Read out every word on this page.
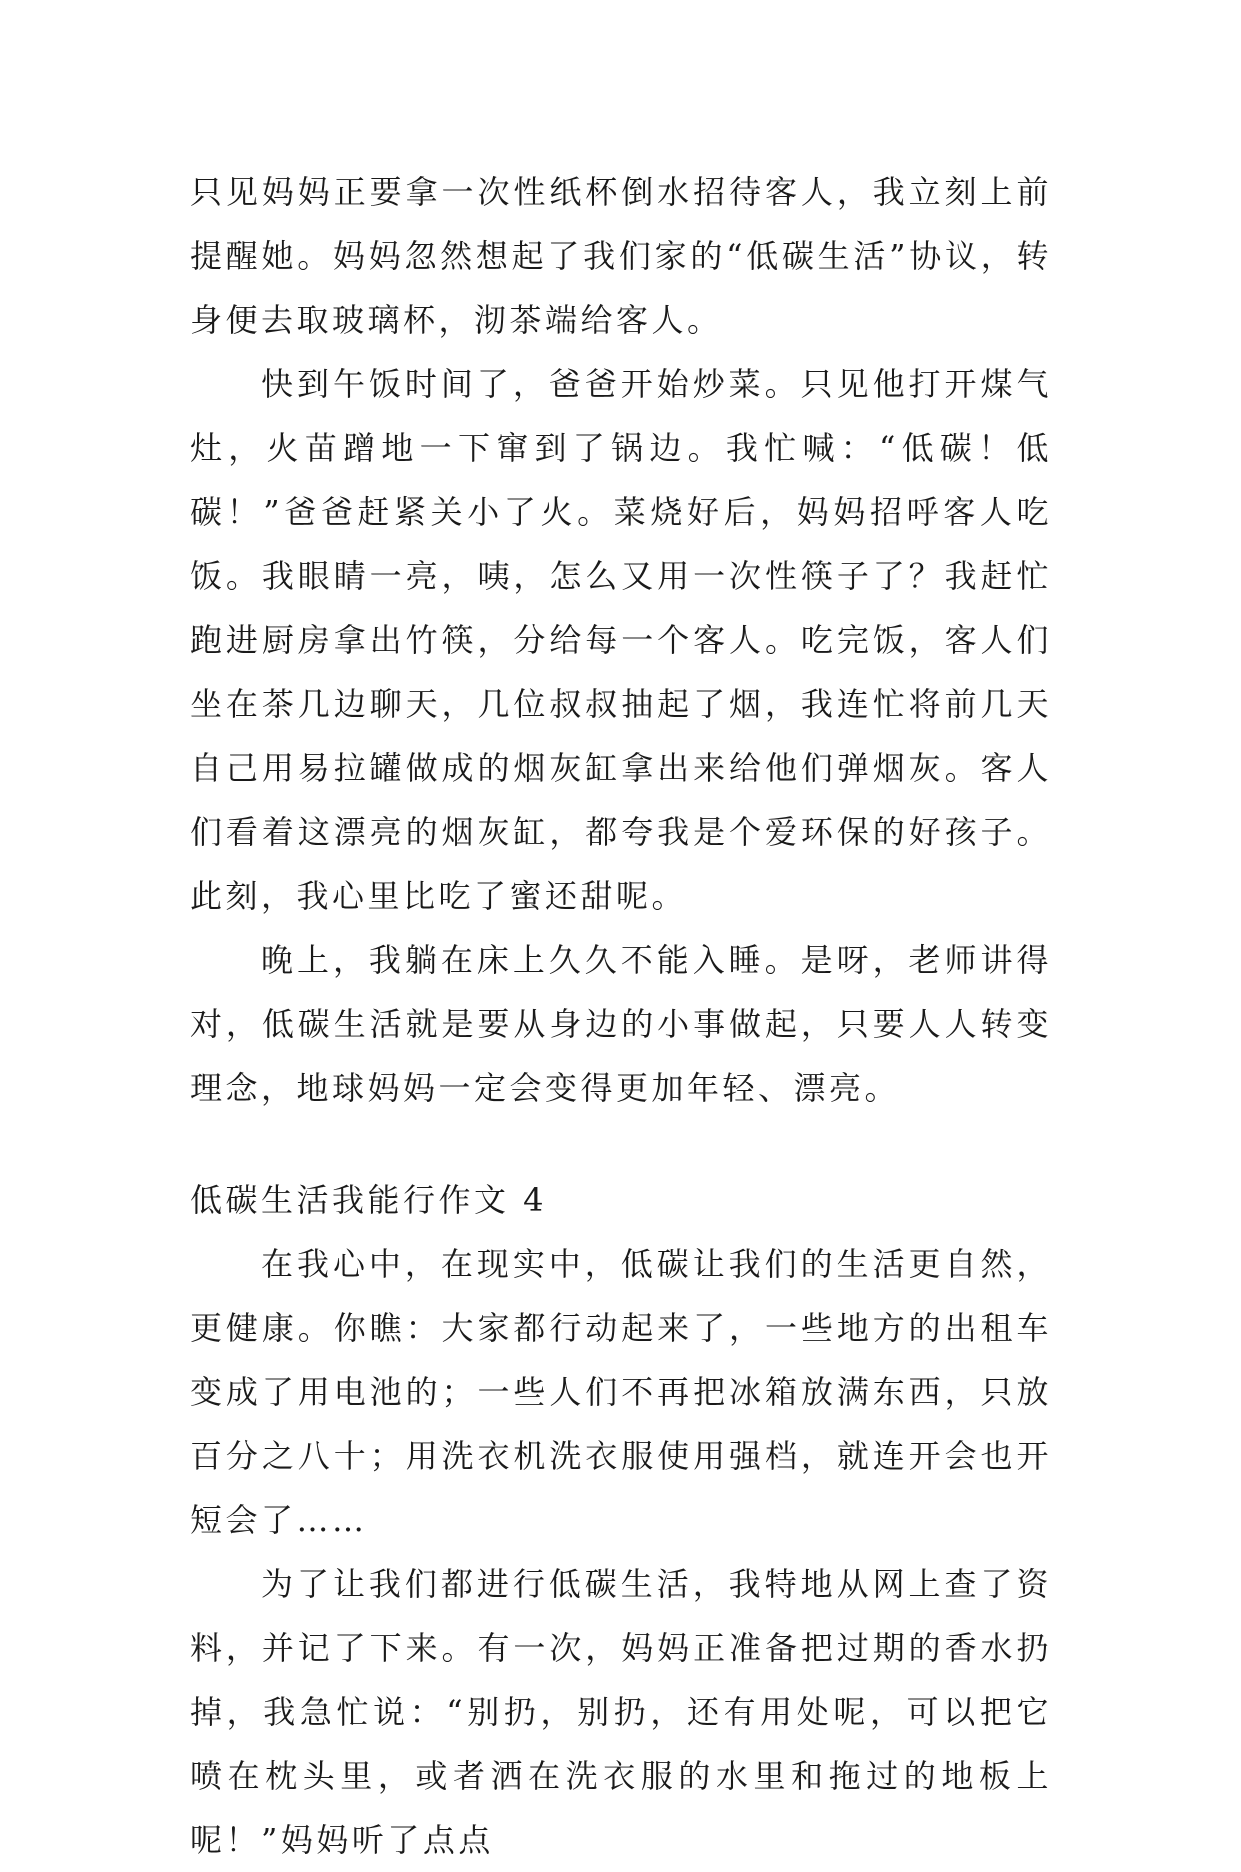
只见妈妈正要拿一次性纸杯倒水招待客人，我立刻上前提醒她。妈妈忽然想起了我们家的“低碳生活”协议，转身便去取玻璃杯，沏茶端给客人。

快到午饭时间了，爸爸开始炒菜。只见他打开煤气灶，火苗蹭地一下窜到了锅边。我忙喊：“低碳！低碳！”爸爸赶紧关小了火。菜烧好后，妈妈招呼客人吃饭。我眼睛一亮，咦，怎么又用一次性筷子了？我赶忙跑进厨房拿出竹筷，分给每一个客人。吃完饭，客人们坐在茶几边聊天，几位叔叔抽起了烟，我连忙将前几天自己用易拉罐做成的烟灰缸拿出来给他们弹烟灰。客人们看着这漂亮的烟灰缸，都夸我是个爱环保的好孩子。此刻，我心里比吃了蜜还甜呢。

晚上，我躺在床上久久不能入睡。是呀，老师讲得对，低碳生活就是要从身边的小事做起，只要人人转变理念，地球妈妈一定会变得更加年轻、漂亮。

低碳生活我能行作文 4

在我心中，在现实中，低碳让我们的生活更自然，更健康。你瞧：大家都行动起来了，一些地方的出租车变成了用电池的；一些人们不再把冰箱放满东西，只放百分之八十；用洗衣机洗衣服使用强档，就连开会也开短会了……

为了让我们都进行低碳生活，我特地从网上查了资料，并记了下来。有一次，妈妈正准备把过期的香水扔掉，我急忙说：“别扔，别扔，还有用处呢，可以把它喷在枕头里，或者洒在洗衣服的水里和拖过的地板上呢！”妈妈听了点点
